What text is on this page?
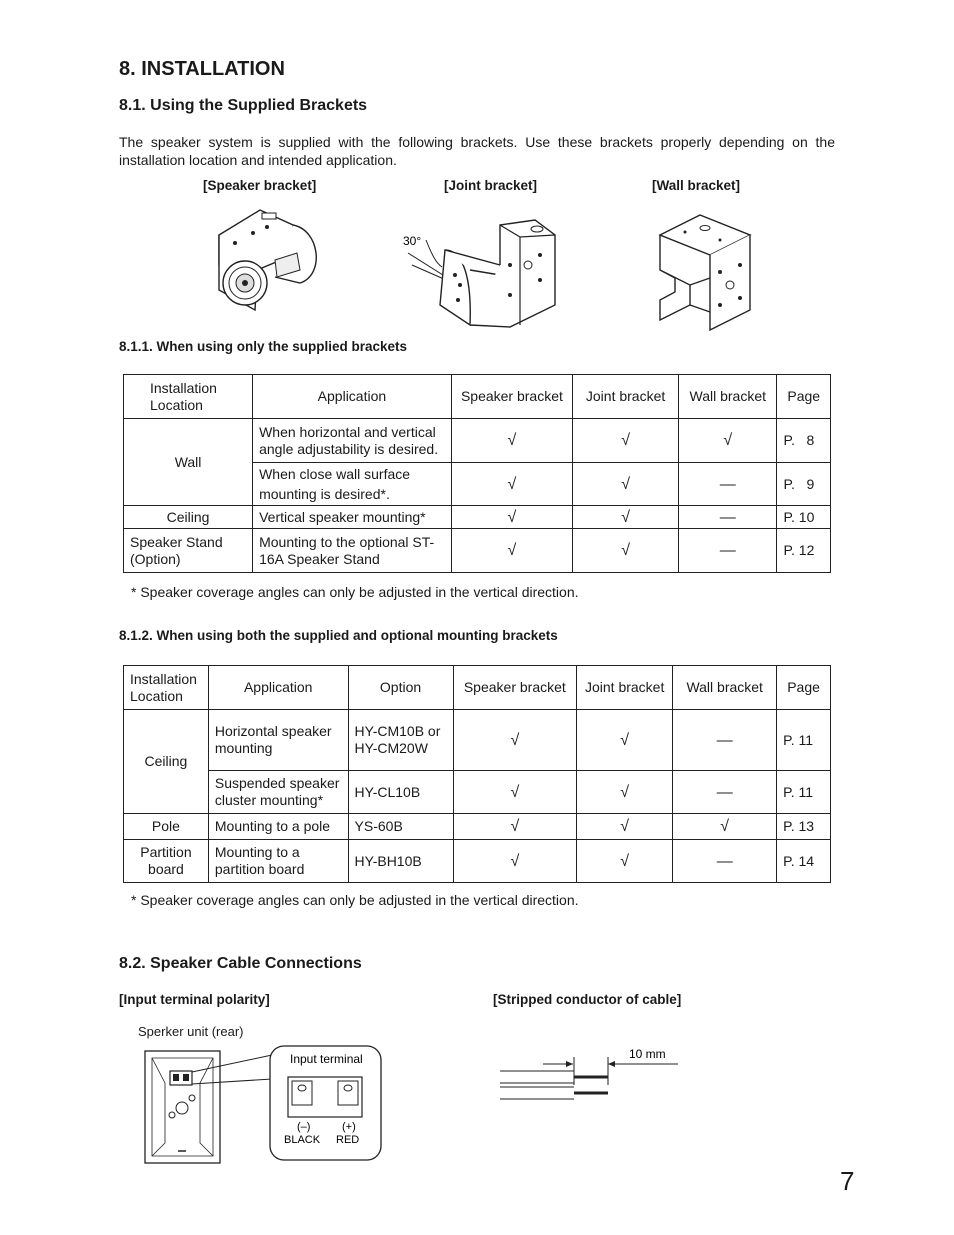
8. INSTALLATION
8.1. Using the Supplied Brackets
The speaker system is supplied with the following brackets. Use these brackets properly depending on the installation location and intended application.
[Speaker bracket]	[Joint bracket]	[Wall bracket]
30°
8.1.1. When using only the supplied brackets
Installation Location	Application	Speaker bracket	Joint bracket	Wall bracket	Page
Wall	When horizontal and vertical angle adjustability is desired.	√	√	√	P.   8
	When close wall surface mounting is desired*.	√	√	—	P.   9
Ceiling	Vertical speaker mounting*	√	√	—	P. 10
Speaker Stand (Option)	Mounting to the optional ST-16A Speaker Stand	√	√	—	P. 12
* Speaker coverage angles can only be adjusted in the vertical direction.
8.1.2. When using both the supplied and optional mounting brackets
Installation Location	Application	Option	Speaker bracket	Joint bracket	Wall bracket	Page
Ceiling	Horizontal speaker mounting	HY-CM10B or HY-CM20W	√	√	—	P. 11
	Suspended speaker cluster mounting*	HY-CL10B	√	√	—	P. 11
Pole	Mounting to a pole	YS-60B	√	√	√	P. 13
Partition board	Mounting to a partition board	HY-BH10B	√	√	—	P. 14
* Speaker coverage angles can only be adjusted in the vertical direction.
8.2. Speaker Cable Connections
[Input terminal polarity]	[Stripped conductor of cable]
Sperker unit (rear)
Input terminal
(–)	(+)
BLACK RED
10 mm
7
